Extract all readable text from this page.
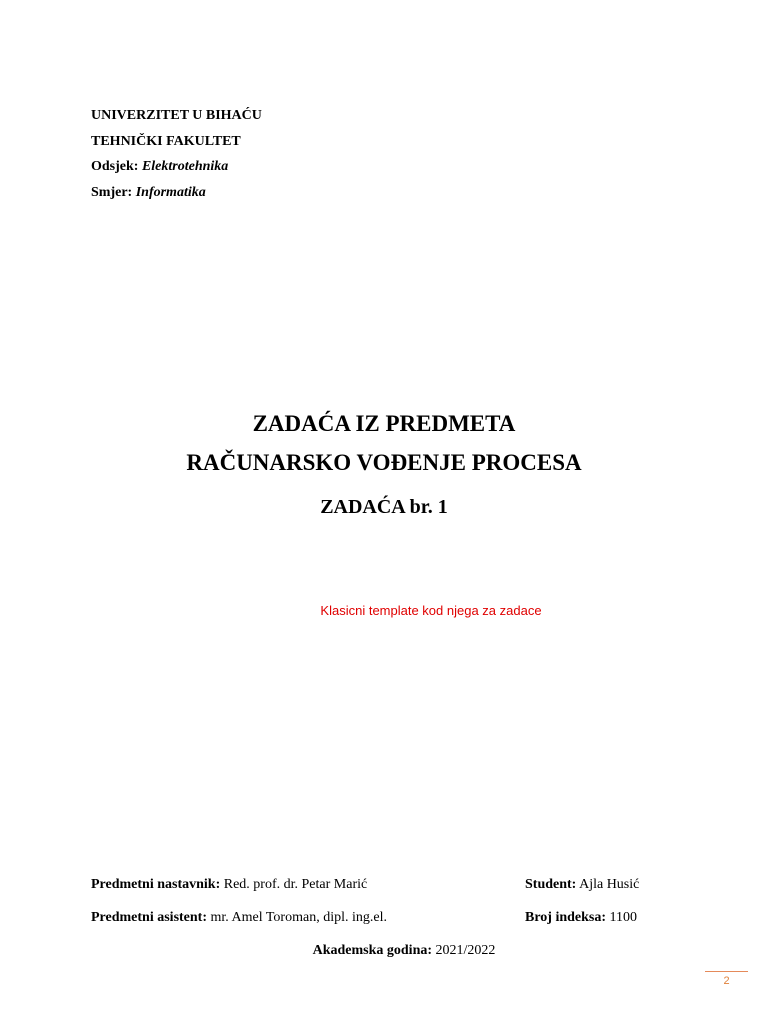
UNIVERZITET U BIHAĆU
TEHNIČKI FAKULTET
Odsjek: Elektrotehnika
Smjer: Informatika
ZADAĆA IZ PREDMETA
RAČUNARSKO VOĐENJE PROCESA
ZADAĆA br. 1
Klasicni template kod njega za zadace
Predmetni nastavnik: Red. prof. dr. Petar Marić	Student: Ajla Husić
Predmetni asistent: mr. Amel Toroman, dipl. ing.el.	Broj indeksa: 1100
Akademska godina: 2021/2022
2
